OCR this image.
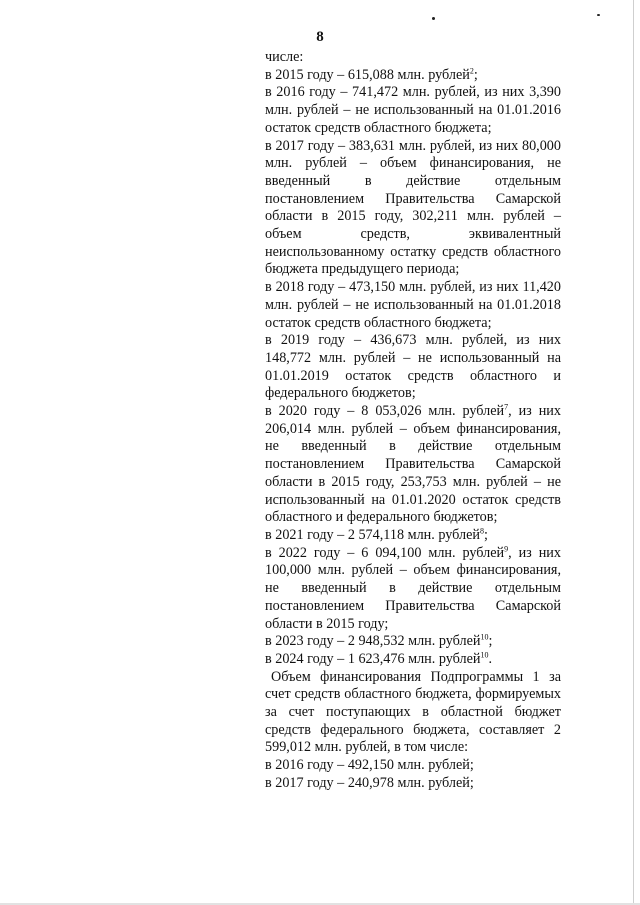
8

числе:

в 2015 году – 615,088 млн. рублей$^2$;

в 2016 году – 741,472 млн. рублей, из них 3,390 млн. рублей – не использованный на 01.01.2016 остаток средств областного бюджета;

в 2017 году – 383,631 млн. рублей, из них 80,000 млн. рублей – объем финансирования, не введенный в действие отдельным постановлением Правительства Самарской области в 2015 году, 302,211 млн. рублей – объем средств, эквивалентный неиспользованному остатку средств областного бюджета предыдущего периода;

в 2018 году – 473,150 млн. рублей, из них 11,420 млн. рублей – не использованный на 01.01.2018 остаток средств областного бюджета;

в 2019 году – 436,673 млн. рублей, из них 148,772 млн. рублей – не использованный на 01.01.2019 остаток средств областного и федерального бюджетов;

в 2020 году – 8 053,026 млн. рублей$^7$, из них 206,014 млн. рублей – объем финансирования, не введенный в действие отдельным постановлением Правительства Самарской области в 2015 году, 253,753 млн. рублей – не использованный на 01.01.2020 остаток средств областного и федерального бюджетов;

в 2021 году – 2 574,118 млн. рублей$^8$;

в 2022 году – 6 094,100 млн. рублей$^9$, из них 100,000 млн. рублей – объем финансирования, не введенный в действие отдельным постановлением Правительства Самарской области в 2015 году;

в 2023 году – 2 948,532 млн. рублей$^{10}$;

в 2024 году – 1 623,476 млн. рублей$^{10}$.

Объем финансирования Подпрограммы 1 за счет средств областного бюджета, формируемых за счет поступающих в областной бюджет средств федерального бюджета, составляет 2 599,012 млн. рублей, в том числе:

в 2016 году – 492,150 млн. рублей;

в 2017 году – 240,978 млн. рублей;
